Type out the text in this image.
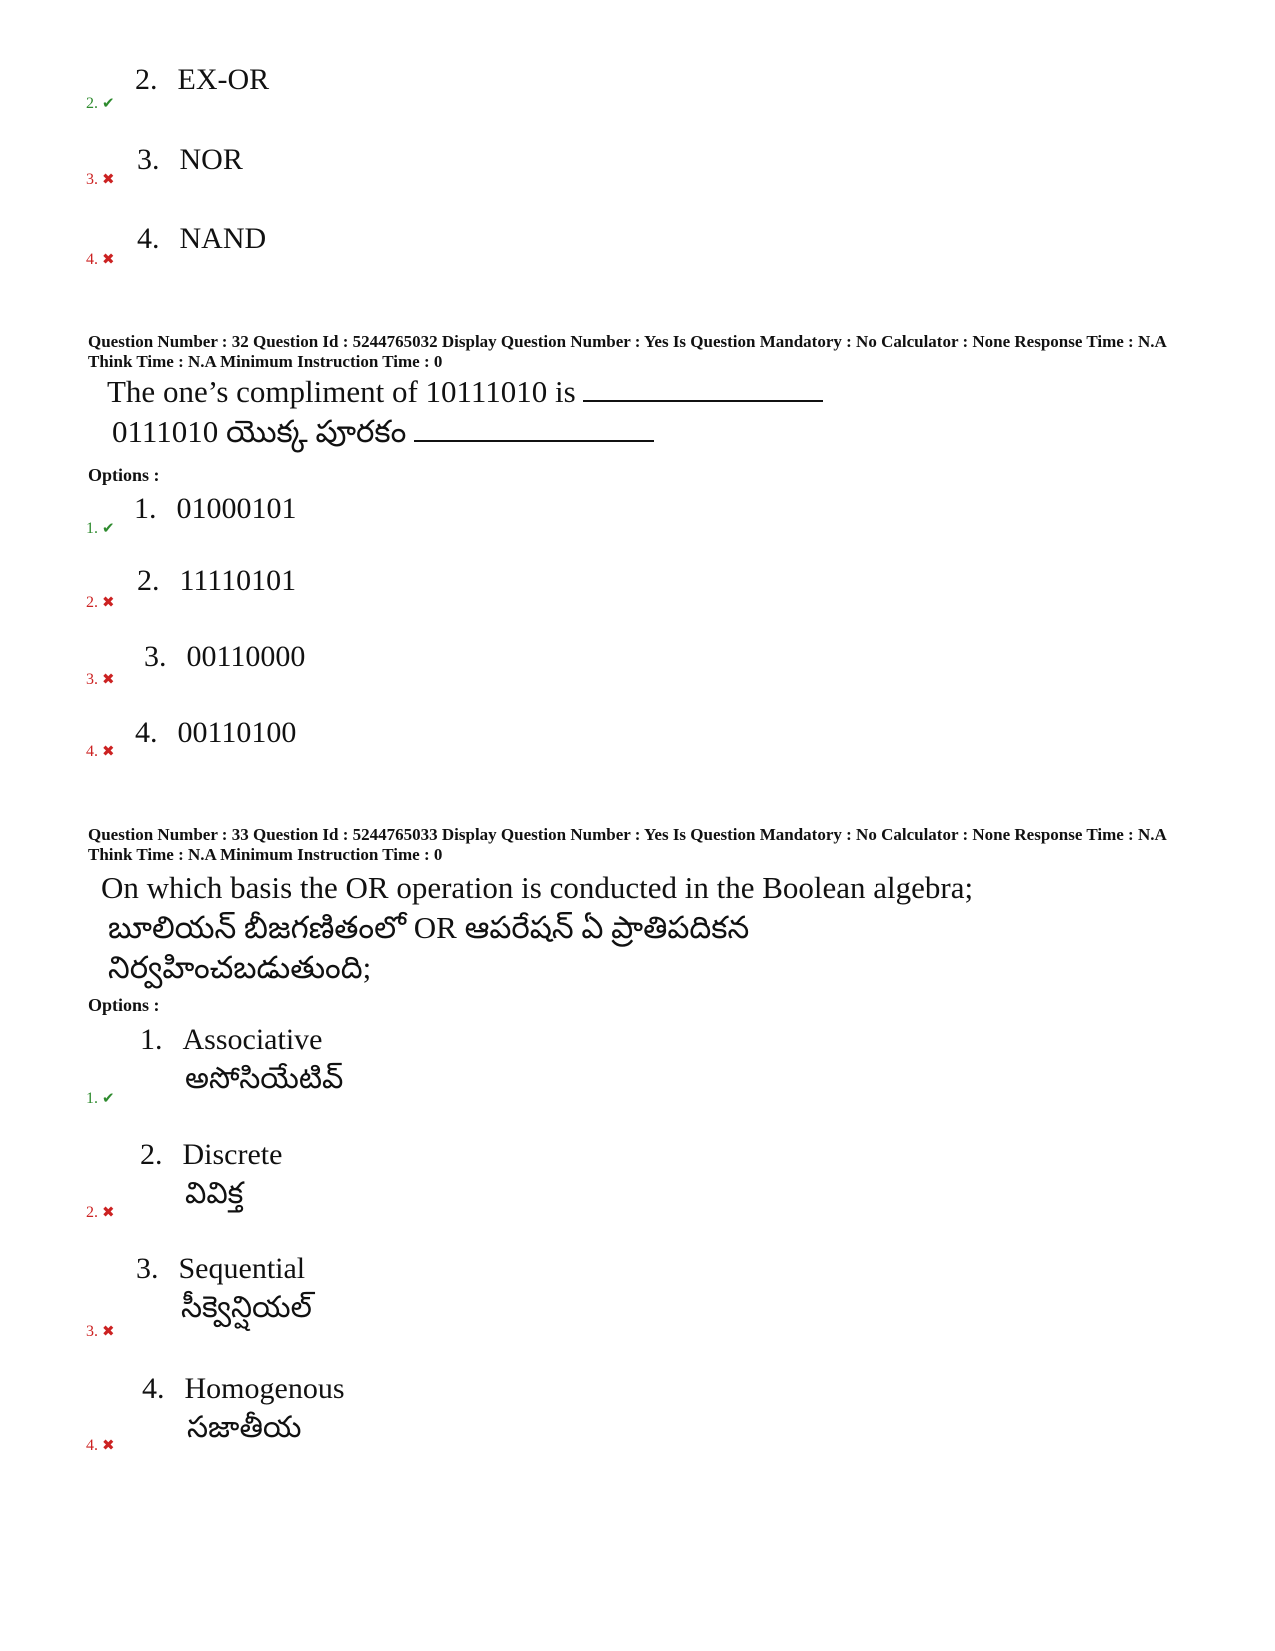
2. ✔
2. EX-OR
3. ✖
3. NOR
4. ✖
4. NAND
Question Number : 32 Question Id : 5244765032 Display Question Number : Yes Is Question Mandatory : No Calculator : None Response Time : N.A Think Time : N.A Minimum Instruction Time : 0
The one’s compliment of 10111010 is
0111010 యొక్క పూరకం
Options :
1. ✔
1. 01000101
2. ✖
2. 11110101
3. ✖
3. 00110000
4. ✖
4. 00110100
Question Number : 33 Question Id : 5244765033 Display Question Number : Yes Is Question Mandatory : No Calculator : None Response Time : N.A Think Time : N.A Minimum Instruction Time : 0
On which basis the OR operation is conducted in the Boolean algebra;
బూలియన్ బీజగణితంలో OR ఆపరేషన్ ఏ ప్రాతిపదికన
నిర్వహించబడుతుంది;
Options :
1. Associative
అసోసియేటివ్
1. ✔
2. Discrete
వివిక్త
2. ✖
3. Sequential
సీక్వెన్షియల్
3. ✖
4. Homogenous
సజాతీయ
4. ✖
